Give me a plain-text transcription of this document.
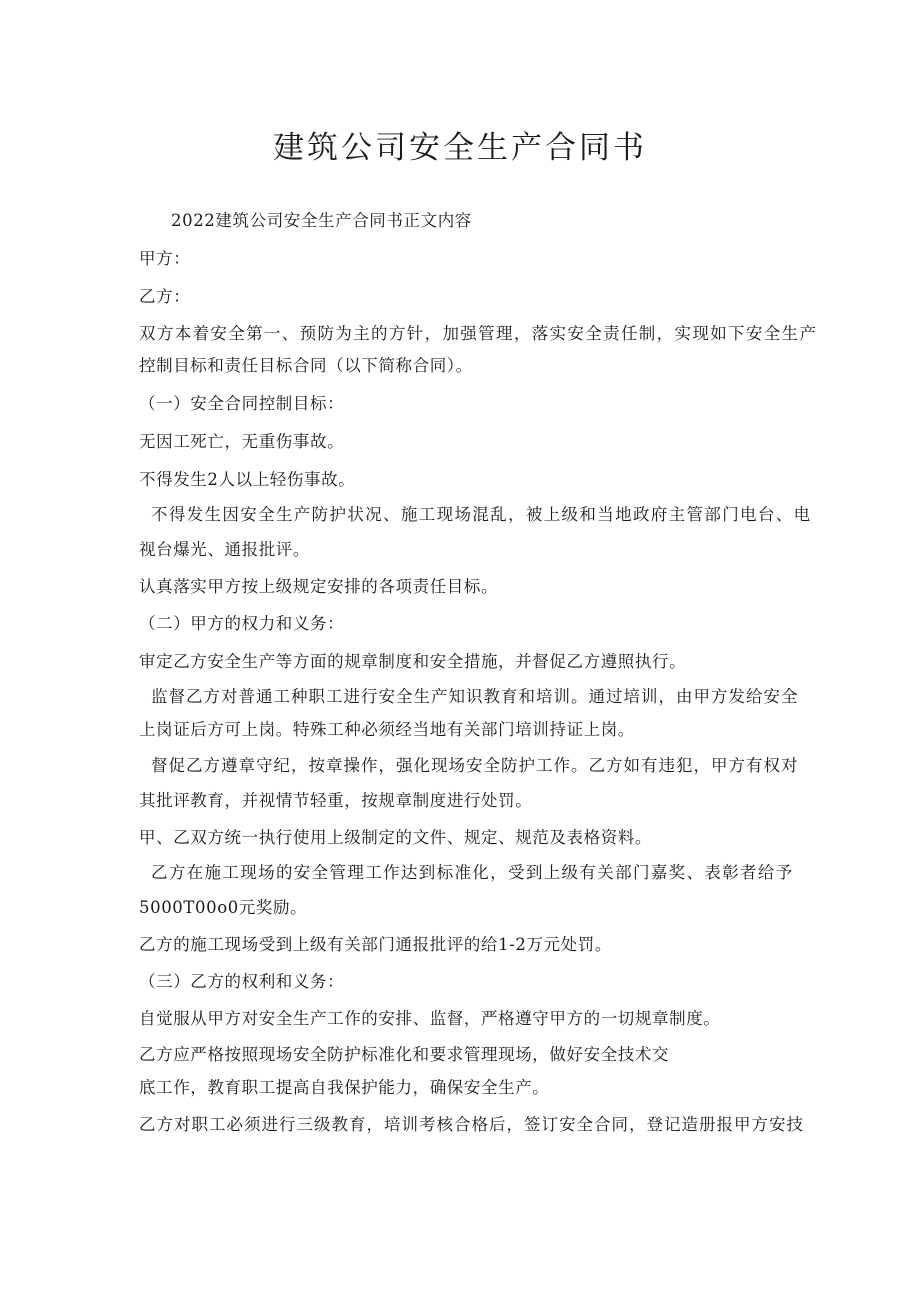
建筑公司安全生产合同书
2022建筑公司安全生产合同书正文内容
甲方：
乙方：
双方本着安全第一、预防为主的方针，加强管理，落实安全责任制，实现如下安全生产
控制目标和责任目标合同（以下简称合同）。
（一）安全合同控制目标：
无因工死亡，无重伤事故。
不得发生2人以上轻伤事故。
不得发生因安全生产防护状况、施工现场混乱，被上级和当地政府主管部门电台、电
视台爆光、通报批评。
认真落实甲方按上级规定安排的各项责任目标。
（二）甲方的权力和义务：
审定乙方安全生产等方面的规章制度和安全措施，并督促乙方遵照执行。
监督乙方对普通工种职工进行安全生产知识教育和培训。通过培训，由甲方发给安全
上岗证后方可上岗。特殊工种必须经当地有关部门培训持证上岗。
督促乙方遵章守纪，按章操作，强化现场安全防护工作。乙方如有违犯，甲方有权对
其批评教育，并视情节轻重，按规章制度进行处罚。
甲、乙双方统一执行使用上级制定的文件、规定、规范及表格资料。
乙方在施工现场的安全管理工作达到标准化，受到上级有关部门嘉奖、表彰者给予
5000T00o0元奖励。
乙方的施工现场受到上级有关部门通报批评的给1-2万元处罚。
（三）乙方的权利和义务：
自觉服从甲方对安全生产工作的安排、监督，严格遵守甲方的一切规章制度。
乙方应严格按照现场安全防护标准化和要求管理现场，做好安全技术交
底工作，教育职工提高自我保护能力，确保安全生产。
乙方对职工必须进行三级教育，培训考核合格后，签订安全合同，登记造册报甲方安技
